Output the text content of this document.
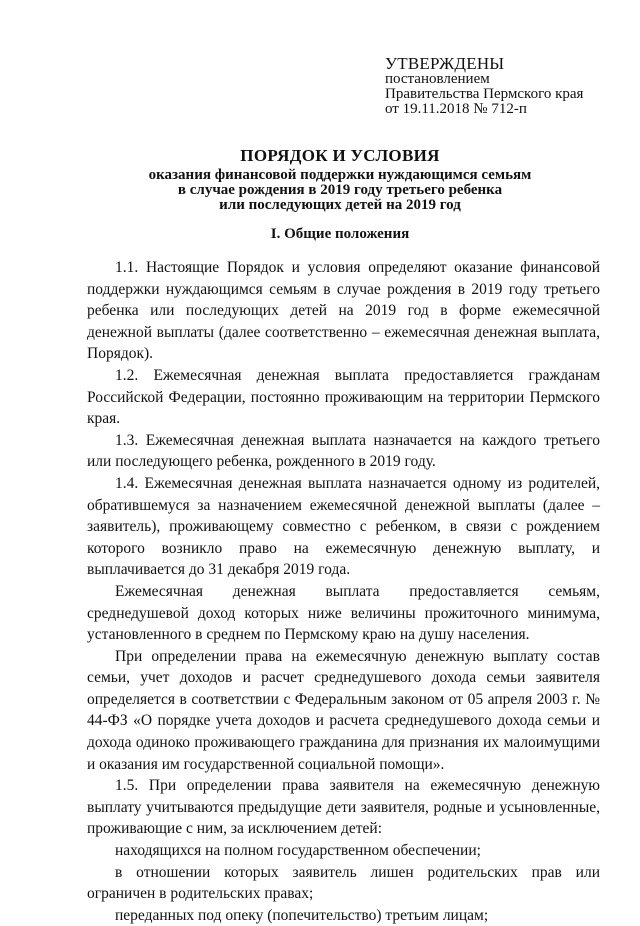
УТВЕРЖДЕНЫ
постановлением
Правительства Пермского края
от 19.11.2018 № 712-п
ПОРЯДОК И УСЛОВИЯ
оказания финансовой поддержки нуждающимся семьям
в случае рождения в 2019 году третьего ребенка
или последующих детей на 2019 год
I. Общие положения

1.1. Настоящие Порядок и условия определяют оказание финансовой поддержки нуждающимся семьям в случае рождения в 2019 году третьего ребенка или последующих детей на 2019 год в форме ежемесячной денежной выплаты (далее соответственно – ежемесячная денежная выплата, Порядок).

1.2. Ежемесячная денежная выплата предоставляется гражданам Российской Федерации, постоянно проживающим на территории Пермского края.

1.3. Ежемесячная денежная выплата назначается на каждого третьего или последующего ребенка, рожденного в 2019 году.

1.4. Ежемесячная денежная выплата назначается одному из родителей, обратившемуся за назначением ежемесячной денежной выплаты (далее – заявитель), проживающему совместно с ребенком, в связи с рождением которого возникло право на ежемесячную денежную выплату, и выплачивается до 31 декабря 2019 года.

Ежемесячная денежная выплата предоставляется семьям, среднедушевой доход которых ниже величины прожиточного минимума, установленного в среднем по Пермскому краю на душу населения.

При определении права на ежемесячную денежную выплату состав семьи, учет доходов и расчет среднедушевого дохода семьи заявителя определяется в соответствии с Федеральным законом от 05 апреля 2003 г. № 44-ФЗ «О порядке учета доходов и расчета среднедушевого дохода семьи и дохода одиноко проживающего гражданина для признания их малоимущими и оказания им государственной социальной помощи».

1.5. При определении права заявителя на ежемесячную денежную выплату учитываются предыдущие дети заявителя, родные и усыновленные, проживающие с ним, за исключением детей:

находящихся на полном государственном обеспечении;

в отношении которых заявитель лишен родительских прав или ограничен в родительских правах;

переданных под опеку (попечительство) третьим лицам;
